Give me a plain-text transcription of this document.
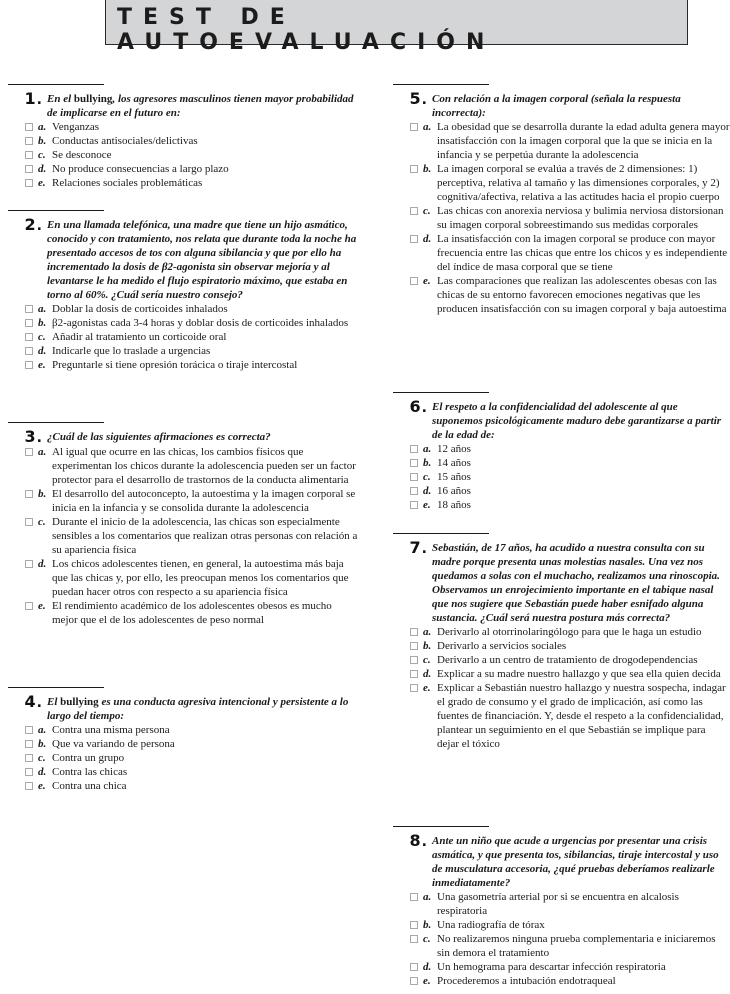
TEST DE AUTOEVALUACIÓN
1 .	En el bullying, los agresores masculinos tienen mayor probabilidad de implicarse en el futuro en:
a. Venganzas
b. Conductas antisociales/delictivas
c. Se desconoce
d. No produce consecuencias a largo plazo
e. Relaciones sociales problemáticas
2 .	En una llamada telefónica, una madre que tiene un hijo asmático, conocido y con tratamiento, nos relata que durante toda la noche ha presentado accesos de tos con alguna sibilancia y que por ello ha incrementado la dosis de β2-agonista sin observar mejoría y al levantarse le ha medido el flujo espiratorio máximo, que estaba en torno al 60%. ¿Cuál sería nuestro consejo?
a. Doblar la dosis de corticoides inhalados
b. β2-agonistas cada 3-4 horas y doblar dosis de corticoides inhalados
c. Añadir al tratamiento un corticoide oral
d. Indicarle que lo traslade a urgencias
e. Preguntarle si tiene opresión torácica o tiraje intercostal
3 .	¿Cuál de las siguientes afirmaciones es correcta?
a. Al igual que ocurre en las chicas, los cambios físicos que experimentan los chicos durante la adolescencia pueden ser un factor protector para el desarrollo de trastornos de la conducta alimentaria
b. El desarrollo del autoconcepto, la autoestima y la imagen corporal se inicia en la infancia y se consolida durante la adolescencia
c. Durante el inicio de la adolescencia, las chicas son especialmente sensibles a los comentarios que realizan otras personas con relación a su apariencia física
d. Los chicos adolescentes tienen, en general, la autoestima más baja que las chicas y, por ello, les preocupan menos los comentarios que puedan hacer otros con respecto a su apariencia física
e. El rendimiento académico de los adolescentes obesos es mucho mejor que el de los adolescentes de peso normal
4 .	El bullying es una conducta agresiva intencional y persistente a lo largo del tiempo:
a. Contra una misma persona
b. Que va variando de persona
c. Contra un grupo
d. Contra las chicas
e. Contra una chica
5 .	Con relación a la imagen corporal (señala la respuesta incorrecta):
a. La obesidad que se desarrolla durante la edad adulta genera mayor insatisfacción con la imagen corporal que la que se inicia en la infancia y se perpetúa durante la adolescencia
b. La imagen corporal se evalúa a través de 2 dimensiones: 1) perceptiva, relativa al tamaño y las dimensiones corporales, y 2) cognitiva/afectiva, relativa a las actitudes hacia el propio cuerpo
c. Las chicas con anorexia nerviosa y bulimia nerviosa distorsionan su imagen corporal sobreestimando sus medidas corporales
d. La insatisfacción con la imagen corporal se produce con mayor frecuencia entre las chicas que entre los chicos y es independiente del índice de masa corporal que se tiene
e. Las comparaciones que realizan las adolescentes obesas con las chicas de su entorno favorecen emociones negativas que les producen insatisfacción con su imagen corporal y baja autoestima
6 .	El respeto a la confidencialidad del adolescente al que suponemos psicológicamente maduro debe garantizarse a partir de la edad de:
a. 12 años
b. 14 años
c. 15 años
d. 16 años
e. 18 años
7 .	Sebastián, de 17 años, ha acudido a nuestra consulta con su madre porque presenta unas molestias nasales. Una vez nos quedamos a solas con el muchacho, realizamos una rinoscopia. Observamos un enrojecimiento importante en el tabique nasal que nos sugiere que Sebastián puede haber esnifado alguna sustancia. ¿Cuál será nuestra postura más correcta?
a. Derivarlo al otorrinolaringólogo para que le haga un estudio
b. Derivarlo a servicios sociales
c. Derivarlo a un centro de tratamiento de drogodependencias
d. Explicar a su madre nuestro hallazgo y que sea ella quien decida
e. Explicar a Sebastián nuestro hallazgo y nuestra sospecha, indagar el grado de consumo y el grado de implicación, así como las fuentes de financiación. Y, desde el respeto a la confidencialidad, plantear un seguimiento en el que Sebastián se implique para dejar el tóxico
8 .	Ante un niño que acude a urgencias por presentar una crisis asmática, y que presenta tos, sibilancias, tiraje intercostal y uso de musculatura accesoria, ¿qué pruebas deberíamos realizarle inmediatamente?
a. Una gasometría arterial por si se encuentra en alcalosis respiratoria
b. Una radiografía de tórax
c. No realizaremos ninguna prueba complementaria e iniciaremos sin demora el tratamiento
d. Un hemograma para descartar infección respiratoria
e. Procederemos a intubación endotraqueal
